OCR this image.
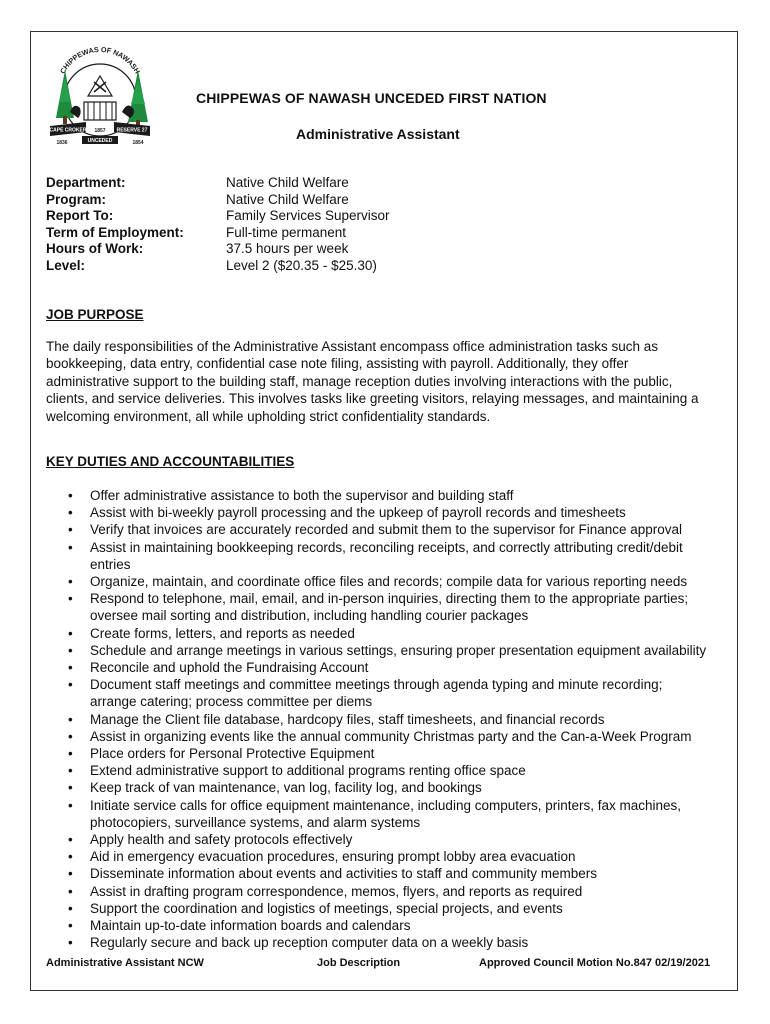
CHIPPEWAS OF NAWASH
CAPE CROKER	RESERVE 27
1836
1857
1854
UNCEDED
CHIPPEWAS OF NAWASH UNCEDED FIRST NATION
Administrative Assistant
Department:	Native Child Welfare
Program:	Native Child Welfare
Report To:	Family Services Supervisor
Term of Employment:	Full-time permanent
Hours of Work:	37.5 hours per week
Level:	Level 2 ($20.35 - $25.30)
JOB PURPOSE
The daily responsibilities of the Administrative Assistant encompass office administration tasks such as
bookkeeping, data entry, confidential case note filing, assisting with payroll. Additionally, they offer
administrative support to the building staff, manage reception duties involving interactions with the public,
clients, and service deliveries. This involves tasks like greeting visitors, relaying messages, and maintaining a
welcoming environment, all while upholding strict confidentiality standards.
KEY DUTIES AND ACCOUNTABILITIES
• Offer administrative assistance to both the supervisor and building staff
• Assist with bi-weekly payroll processing and the upkeep of payroll records and timesheets
• Verify that invoices are accurately recorded and submit them to the supervisor for Finance approval
• Assist in maintaining bookkeeping records, reconciling receipts, and correctly attributing credit/debit
entries
• Organize, maintain, and coordinate office files and records; compile data for various reporting needs
• Respond to telephone, mail, email, and in-person inquiries, directing them to the appropriate parties;
oversee mail sorting and distribution, including handling courier packages
• Create forms, letters, and reports as needed
• Schedule and arrange meetings in various settings, ensuring proper presentation equipment availability
• Reconcile and uphold the Fundraising Account
• Document staff meetings and committee meetings through agenda typing and minute recording;
arrange catering; process committee per diems
• Manage the Client file database, hardcopy files, staff timesheets, and financial records
• Assist in organizing events like the annual community Christmas party and the Can-a-Week Program
• Place orders for Personal Protective Equipment
• Extend administrative support to additional programs renting office space
• Keep track of van maintenance, van log, facility log, and bookings
• Initiate service calls for office equipment maintenance, including computers, printers, fax machines,
photocopiers, surveillance systems, and alarm systems
• Apply health and safety protocols effectively
• Aid in emergency evacuation procedures, ensuring prompt lobby area evacuation
• Disseminate information about events and activities to staff and community members
• Assist in drafting program correspondence, memos, flyers, and reports as required
• Support the coordination and logistics of meetings, special projects, and events
• Maintain up-to-date information boards and calendars
• Regularly secure and back up reception computer data on a weekly basis
Administrative Assistant NCW	Job Description	Approved Council Motion No.847 02/19/2021
